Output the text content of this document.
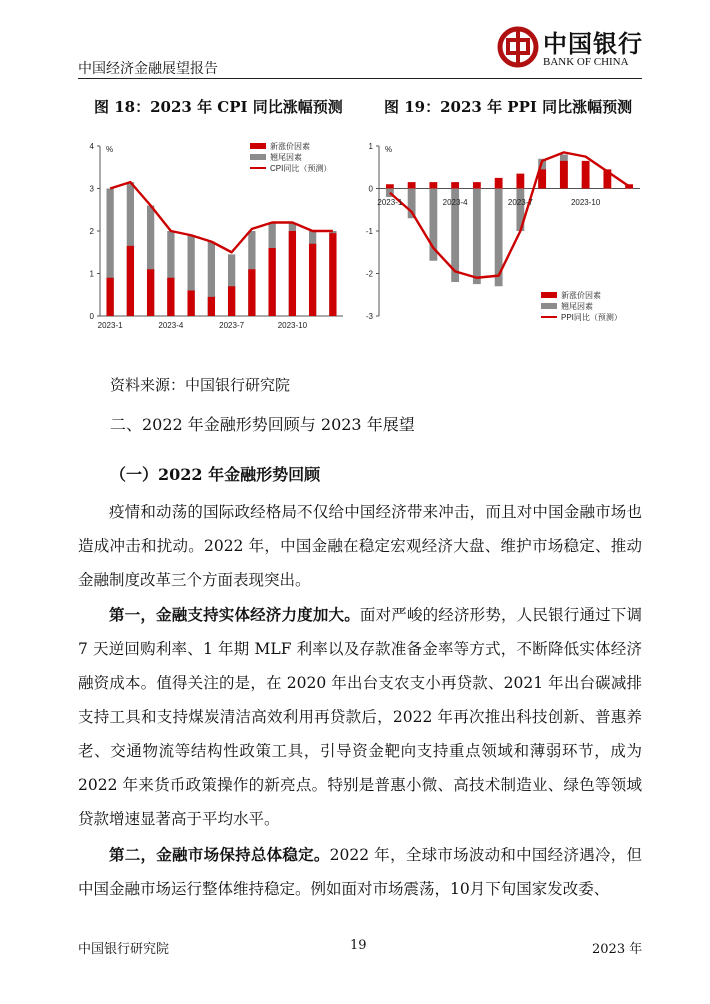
中国经济金融展望报告
中国银行
BANK OF CHINA
图 18：2023 年 CPI 同比涨幅预测	图 19：2023 年 PPI 同比涨幅预测
0
1
2
3
4 %
2023-1	2023-4	2023-7	2023-10
新涨价因素
翘尾因素
CPI同比（预测）
-3
-2
-1
0
1 %
2023-1	2023-4	2023-7	2023-10
新涨价因素
翘尾因素
PPI同比（预测）
资料来源：中国银行研究院
二、2022 年金融形势回顾与 2023 年展望
（一）2022 年金融形势回顾
疫情和动荡的国际政经格局不仅给中国经济带来冲击，而且对中国金融市场也造成冲击和扰动。2022 年，中国金融在稳定宏观经济大盘、维护市场稳定、推动金融制度改革三个方面表现突出。
第一，金融支持实体经济力度加大。面对严峻的经济形势，人民银行通过下调 7 天逆回购利率、1 年期 MLF 利率以及存款准备金率等方式，不断降低实体经济融资成本。值得关注的是，在 2020 年出台支农支小再贷款、2021 年出台碳减排支持工具和支持煤炭清洁高效利用再贷款后，2022 年再次推出科技创新、普惠养老、交通物流等结构性政策工具，引导资金靶向支持重点领域和薄弱环节，成为 2022 年来货币政策操作的新亮点。特别是普惠小微、高技术制造业、绿色等领域贷款增速显著高于平均水平。
第二，金融市场保持总体稳定。2022 年，全球市场波动和中国经济遇冷，但中国金融市场运行整体维持稳定。例如面对市场震荡，10月下旬国家发改委、
中国银行研究院	19	2023 年
